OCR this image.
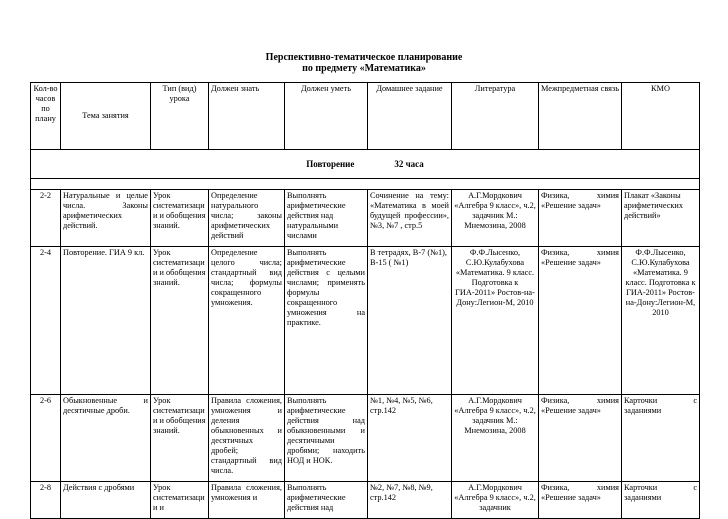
Перспективно-тематическое планирование
по предмету «Математика»
Кол-во часов по плану	Тема занятия	Тип (вид) урока	Должен знать	Должен уметь	Домашнее задание	Литература	Межпредметная связь	КМО
Повторение 32 часа								

2-2	Натуральные и целые числа. Законы арифметических действий.	Урок систематизации и обобщения знаний.	Определение натурального числа; законы арифметических действий	Выполнять арифметические действия над натуральными числами	Сочинение на тему: «Математика в моей будущей профессии», №3, №7 , стр.5	А.Г.Мордкович «Алгебра 9 класс», ч.2, задачник М.: Мнемозина, 2008	Физика, химия «Решение задач»	Плакат «Законы арифметических действий»
2-4	Повторение. ГИА 9 кл.	Урок систематизации и обобщения знаний.	Определение целого числа; стандартный вид числа; формулы сокращенного умножения.	Выполнять арифметические действия с целыми числами; применять формулы сокращенного умножения на практике.	В тетрадях, В-7 (№1), В-15 ( №1)	Ф.Ф.Лысенко, С.Ю.Кулабухова «Математика. 9 класс. Подготовка к ГИА-2011» Ростов-на-Дону:Легион-М, 2010	Физика, химия «Решение задач»	Ф.Ф.Лысенко, С.Ю.Кулабухова «Математика. 9 класс. Подготовка к ГИА-2011» Ростов-на-Дону:Легион-М, 2010
2-6	Обыкновенные и десятичные дроби.	Урок систематизации и обобщения знаний.	Правила сложения, умножения и деления обыкновенных и десятичных дробей; стандартный вид числа.	Выполнять арифметические действия над обыкновенными и десятичными дробями; находить НОД и НОК.	№1, №4, №5, №6, стр.142	А.Г.Мордкович «Алгебра 9 класс», ч.2, задачник М.: Мнемозина, 2008	Физика, химия «Решение задач»	Карточки с заданиями
2-8	Действия с дробями	Урок систематизации и	Правила сложения, умножения и	Выполнять арифметические действия над	№2, №7, №8, №9, стр.142	А.Г.Мордкович «Алгебра 9 класс», ч.2, задачник	Физика, химия «Решение задач»	Карточки с заданиями
